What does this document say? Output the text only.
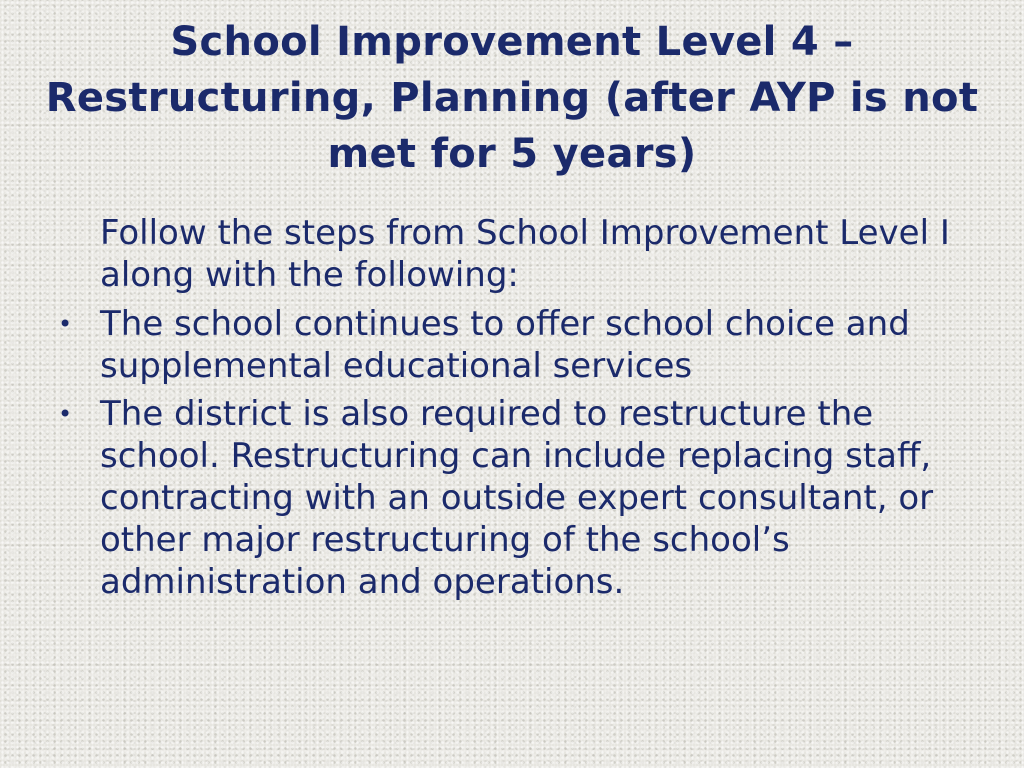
School Improvement Level 4 – Restructuring, Planning (after AYP is not met for 5 years)

Follow the steps from School Improvement Level I along with the following:

• The school continues to offer school choice and supplemental educational services
• The district is also required to restructure the school. Restructuring can include replacing staff, contracting with an outside expert consultant, or other major restructuring of the school’s administration and operations.
